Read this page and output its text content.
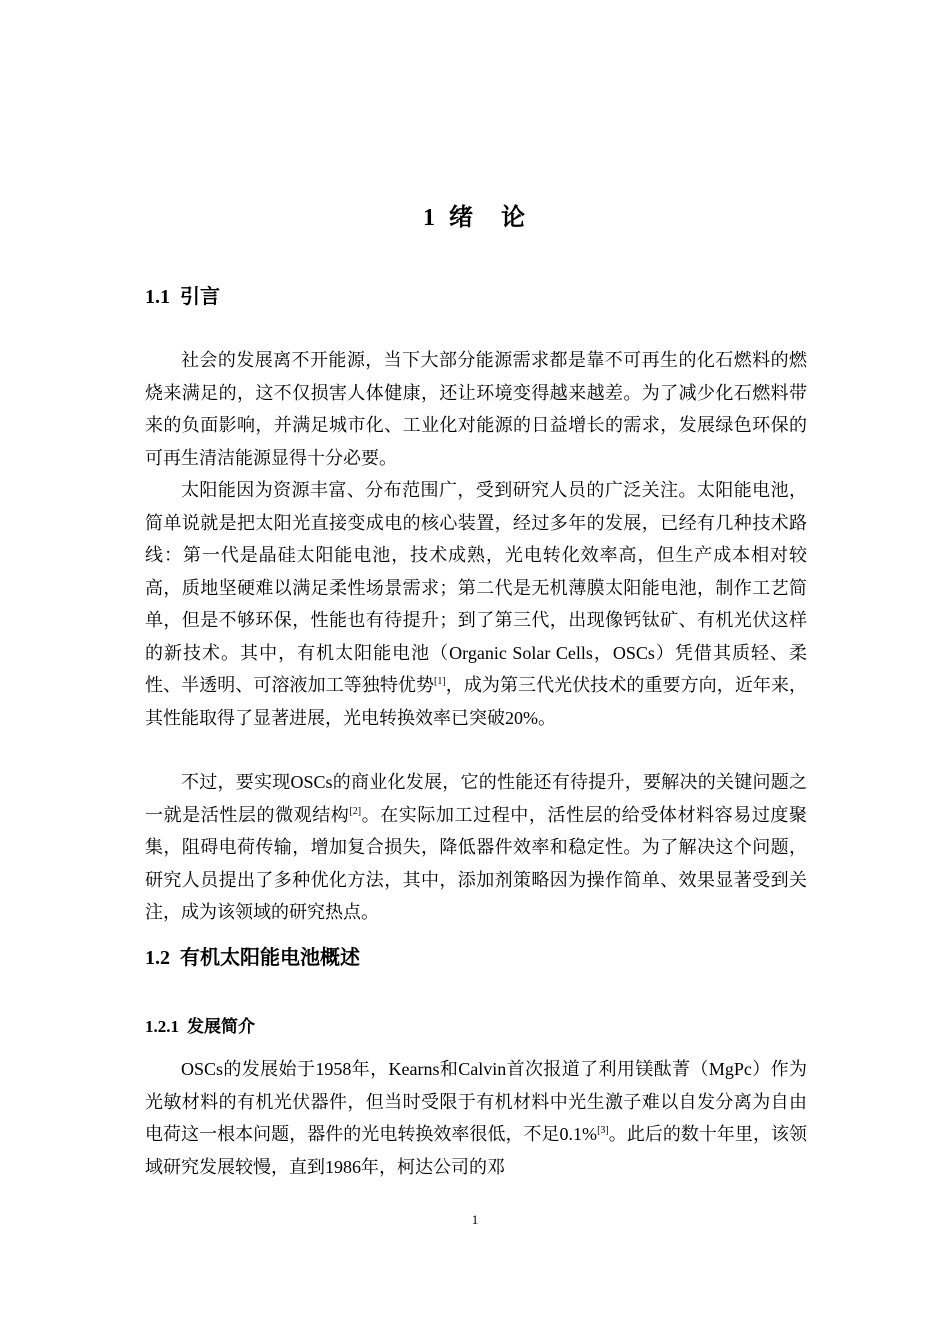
1 绪 论
1.1 引言
社会的发展离不开能源，当下大部分能源需求都是靠不可再生的化石燃料的燃烧来满足的，这不仅损害人体健康，还让环境变得越来越差。为了减少化石燃料带来的负面影响，并满足城市化、工业化对能源的日益增长的需求，发展绿色环保的可再生清洁能源显得十分必要。
太阳能因为资源丰富、分布范围广，受到研究人员的广泛关注。太阳能电池，简单说就是把太阳光直接变成电的核心装置，经过多年的发展，已经有几种技术路线：第一代是晶硅太阳能电池，技术成熟，光电转化效率高，但生产成本相对较高，质地坚硬难以满足柔性场景需求；第二代是无机薄膜太阳能电池，制作工艺简单，但是不够环保，性能也有待提升；到了第三代，出现像钙钛矿、有机光伏这样的新技术。其中，有机太阳能电池（Organic Solar Cells，OSCs）凭借其质轻、柔性、半透明、可溶液加工等独特优势[1]，成为第三代光伏技术的重要方向，近年来，其性能取得了显著进展，光电转换效率已突破20%。
不过，要实现OSCs的商业化发展，它的性能还有待提升，要解决的关键问题之一就是活性层的微观结构[2]。在实际加工过程中，活性层的给受体材料容易过度聚集，阻碍电荷传输，增加复合损失，降低器件效率和稳定性。为了解决这个问题，研究人员提出了多种优化方法，其中，添加剂策略因为操作简单、效果显著受到关注，成为该领域的研究热点。
1.2 有机太阳能电池概述
1.2.1 发展简介
OSCs的发展始于1958年，Kearns和Calvin首次报道了利用镁酞菁（MgPc）作为光敏材料的有机光伏器件，但当时受限于有机材料中光生激子难以自发分离为自由电荷这一根本问题，器件的光电转换效率很低，不足0.1%[3]。此后的数十年里，该领域研究发展较慢，直到1986年，柯达公司的邓
1
